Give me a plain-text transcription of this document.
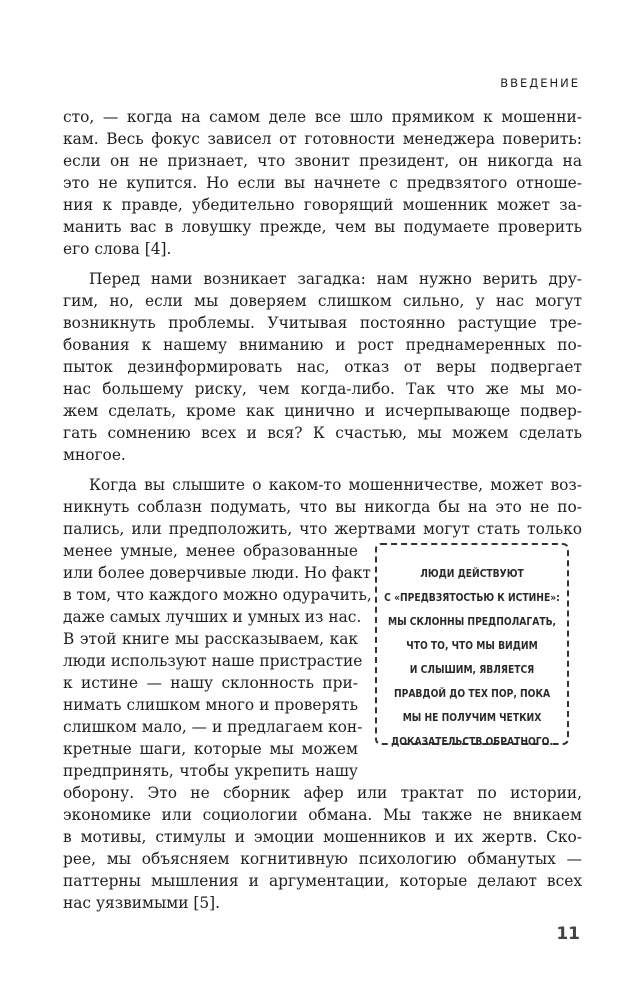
ВВЕДЕНИЕ
сто, — когда на самом деле все шло прямиком к мошенни-
кам. Весь фокус зависел от готовности менеджера поверить:
если он не признает, что звонит президент, он никогда на
это не купится. Но если вы начнете с предвзятого отноше-
ния к правде, убедительно говорящий мошенник может за-
манить вас в ловушку прежде, чем вы подумаете проверить
его слова [4].
Перед нами возникает загадка: нам нужно верить дру-
гим, но, если мы доверяем слишком сильно, у нас могут
возникнуть проблемы. Учитывая постоянно растущие тре-
бования к нашему вниманию и рост преднамеренных по-
пыток дезинформировать нас, отказ от веры подвергает
нас большему риску, чем когда-либо. Так что же мы мо-
жем сделать, кроме как цинично и исчерпывающе подвер-
гать сомнению всех и вся? К счастью, мы можем сделать
многое.
Когда вы слышите о каком-то мошенничестве, может воз-
никнуть соблазн подумать, что вы никогда бы на это не по-
пались, или предположить, что жертвами могут стать только
менее умные, менее образованные
или более доверчивые люди. Но факт
в том, что каждого можно одурачить,
даже самых лучших и умных из нас.
В этой книге мы рассказываем, как
люди используют наше пристрастие
к истине — нашу склонность при-
нимать слишком много и проверять
слишком мало, — и предлагаем кон-
кретные шаги, которые мы можем
предпринять, чтобы укрепить нашу
оборону. Это не сборник афер или трактат по истории,
экономике или социологии обмана. Мы также не вникаем
в мотивы, стимулы и эмоции мошенников и их жертв. Ско-
рее, мы объясняем когнитивную психологию обманутых —
паттерны мышления и аргументации, которые делают всех
нас уязвимыми [5].
ЛЮДИ ДЕЙСТВУЮТ
С «ПРЕДВЗЯТОСТЬЮ К ИСТИНЕ»:
МЫ СКЛОННЫ ПРЕДПОЛАГАТЬ,
ЧТО ТО, ЧТО МЫ ВИДИМ
И СЛЫШИМ, ЯВЛЯЕТСЯ
ПРАВДОЙ ДО ТЕХ ПОР, ПОКА
МЫ НЕ ПОЛУЧИМ ЧЕТКИХ
ДОКАЗАТЕЛЬСТВ ОБРАТНОГО.
11
